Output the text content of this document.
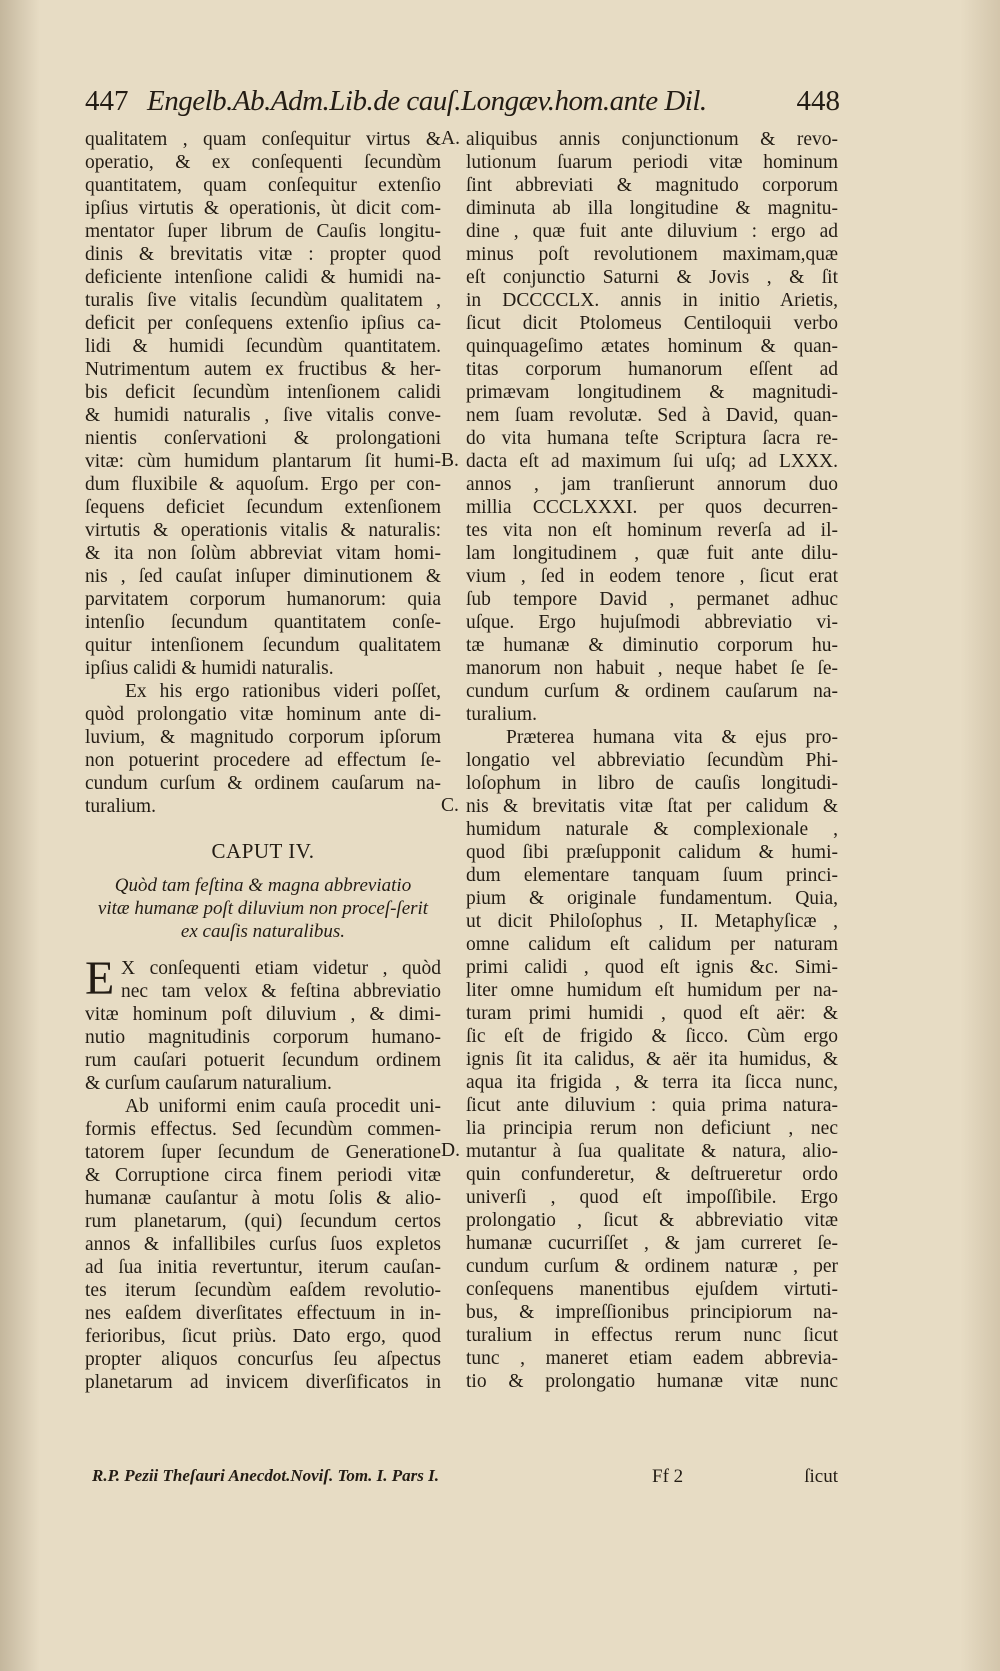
447 Engelb.Ab.Adm.Lib.de cauſ.Longæv.hom.ante Dil.	448
qualitatem , quam conſequitur virtus &
operatio, & ex conſequenti ſecundùm
quantitatem, quam conſequitur extenſio
ipſius virtutis & operationis, ùt dicit com-
mentator ſuper librum de Cauſis longitu-
dinis & brevitatis vitæ : propter quod
deficiente intenſione calidi & humidi na-
turalis ſive vitalis ſecundùm qualitatem ,
deficit per conſequens extenſio ipſius ca-
lidi & humidi ſecundùm quantitatem.
Nutrimentum autem ex fructibus & her-
bis deficit ſecundùm intenſionem calidi
& humidi naturalis , ſive vitalis conve-
nientis conſervationi & prolongationi
vitæ: cùm humidum plantarum ſit humi-
dum fluxibile & aquoſum. Ergo per con-
ſequens deficiet ſecundum extenſionem
virtutis & operationis vitalis & naturalis:
& ita non ſolùm abbreviat vitam homi-
nis , ſed cauſat inſuper diminutionem &
parvitatem corporum humanorum: quia
intenſio ſecundum quantitatem conſe-
quitur intenſionem ſecundum qualitatem
ipſius calidi & humidi naturalis.
Ex his ergo rationibus videri poſſet,
quòd prolongatio vitæ hominum ante di-
luvium, & magnitudo corporum ipſorum
non potuerint procedere ad effectum ſe-
cundum curſum & ordinem cauſarum na-
turalium.
CAPUT IV.
Quòd tam feſtina & magna abbreviatio vitæ humanæ poſt diluvium non proceſ-ſerit ex cauſis naturalibus.
E X conſequenti etiam videtur , quòd
nec tam velox & feſtina abbreviatio
vitæ hominum poſt diluvium , & dimi-
nutio magnitudinis corporum humano-
rum cauſari potuerit ſecundum ordinem
& curſum cauſarum naturalium.
Ab uniformi enim cauſa procedit uni-
formis effectus. Sed ſecundùm commen-
tatorem ſuper ſecundum de Generatione
& Corruptione circa finem periodi vitæ
humanæ cauſantur à motu ſolis & alio-
rum planetarum, (qui) ſecundum certos
annos & infallibiles curſus ſuos expletos
ad ſua initia revertuntur, iterum cauſan-
tes iterum ſecundùm eaſdem revolutio-
nes eaſdem diverſitates effectuum in in-
ferioribus, ſicut priùs. Dato ergo, quod
propter aliquos concurſus ſeu aſpectus
planetarum ad invicem diverſificatos in
aliquibus annis conjunctionum & revo-
lutionum ſuarum periodi vitæ hominum
ſint abbreviati & magnitudo corporum
diminuta ab illa longitudine & magnitu-
dine , quæ fuit ante diluvium : ergo ad
minus poſt revolutionem maximam,quæ
eſt conjunctio Saturni & Jovis , & ſit
in DCCCCLX. annis in initio Arietis,
ſicut dicit Ptolomeus Centiloquii verbo
quinquageſimo ætates hominum & quan-
titas corporum humanorum eſſent ad
primævam longitudinem & magnitudi-
nem ſuam revolutæ. Sed à David, quan-
do vita humana teſte Scriptura ſacra re-
dacta eſt ad maximum ſui uſq; ad LXXX.
annos , jam tranſierunt annorum duo
millia CCCLXXXI. per quos decurren-
tes vita non eſt hominum reverſa ad il-
lam longitudinem , quæ fuit ante dilu-
vium , ſed in eodem tenore , ſicut erat
ſub tempore David , permanet adhuc
uſque. Ergo hujuſmodi abbreviatio vi-
tæ humanæ & diminutio corporum hu-
manorum non habuit , neque habet ſe ſe-
cundum curſum & ordinem cauſarum na-
turalium.
Præterea humana vita & ejus pro-
longatio vel abbreviatio ſecundùm Phi-
loſophum in libro de cauſis longitudi-
nis & brevitatis vitæ ſtat per calidum &
humidum naturale & complexionale ,
quod ſibi præſupponit calidum & humi-
dum elementare tanquam ſuum princi-
pium & originale fundamentum. Quia,
ut dicit Philoſophus , II. Metaphyſicæ ,
omne calidum eſt calidum per naturam
primi calidi , quod eſt ignis &c. Simi-
liter omne humidum eſt humidum per na-
turam primi humidi , quod eſt aër: &
ſic eſt de frigido & ſicco. Cùm ergo
ignis ſit ita calidus, & aër ita humidus, &
aqua ita frigida , & terra ita ſicca nunc,
ſicut ante diluvium : quia prima natura-
lia principia rerum non deficiunt , nec
mutantur à ſua qualitate & natura, alio-
quin confunderetur, & deſtrueretur ordo
univerſi , quod eſt impoſſibile. Ergo
prolongatio , ſicut & abbreviatio vitæ
humanæ cucurriſſet , & jam curreret ſe-
cundum curſum & ordinem naturæ , per
conſequens manentibus ejuſdem virtuti-
bus, & impreſſionibus principiorum na-
turalium in effectus rerum nunc ſicut
tunc , maneret etiam eadem abbrevia-
tio & prolongatio humanæ vitæ nunc
A.
B.
C.
D.
R.P. Pezii Theſauri Anecdot.Noviſ. Tom. I. Pars I.	Ff 2	ſicut
